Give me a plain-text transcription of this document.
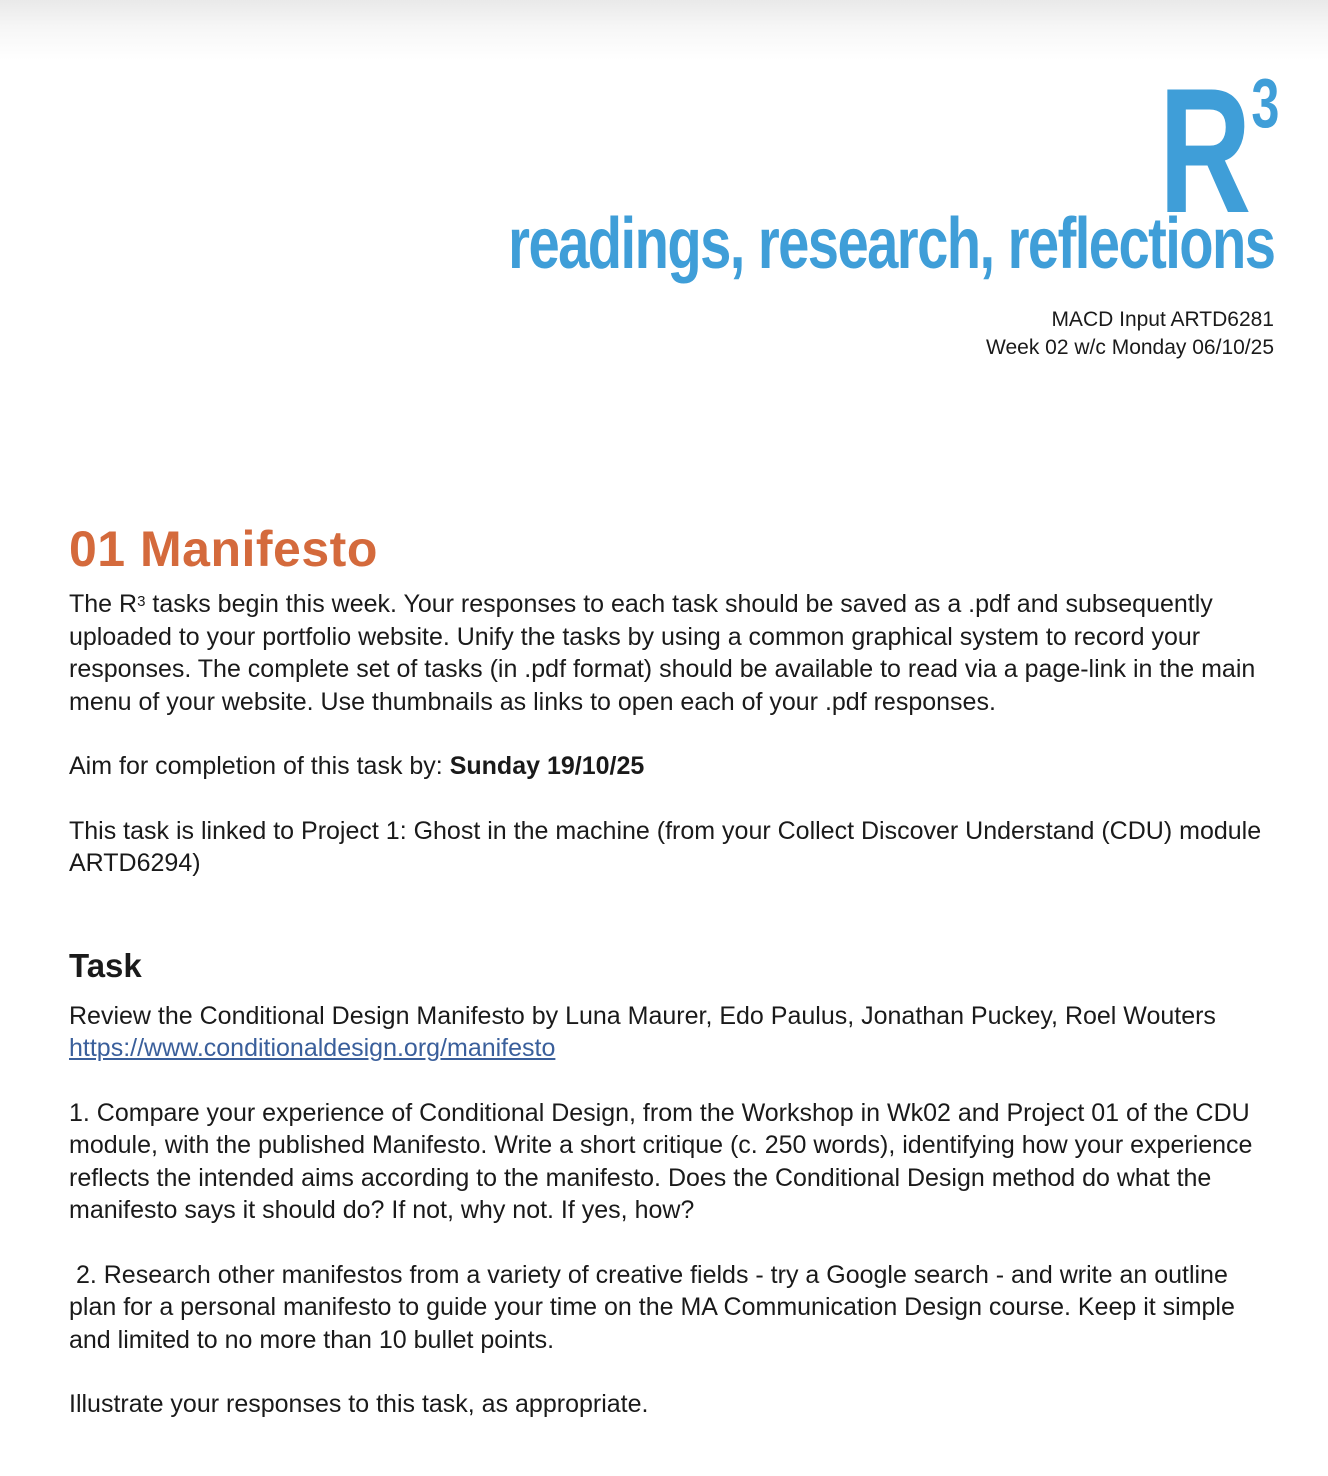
$R^3$
readings, research, reflections
MACD Input ARTD6281
Week 02 w/c Monday 06/10/25
01 Manifesto

The $R^3$ tasks begin this week. Your responses to each task should be saved as a .pdf and subsequently uploaded to your portfolio website. Unify the tasks by using a common graphical system to record your responses. The complete set of tasks (in .pdf format) should be available to read via a page-link in the main menu of your website. Use thumbnails as links to open each of your .pdf responses.

Aim for completion of this task by: Sunday 19/10/25

This task is linked to Project 1: Ghost in the machine (from your Collect Discover Understand (CDU) module ARTD6294)

Task

Review the Conditional Design Manifesto by Luna Maurer, Edo Paulus, Jonathan Puckey, Roel Wouters https://www.conditionaldesign.org/manifesto

1. Compare your experience of Conditional Design, from the Workshop in Wk02 and Project 01 of the CDU module, with the published Manifesto. Write a short critique (c. 250 words), identifying how your experience reflects the intended aims according to the manifesto. Does the Conditional Design method do what the manifesto says it should do? If not, why not. If yes, how?

2. Research other manifestos from a variety of creative fields - try a Google search - and write an outline plan for a personal manifesto to guide your time on the MA Communication Design course. Keep it simple and limited to no more than 10 bullet points.

Illustrate your responses to this task, as appropriate.
